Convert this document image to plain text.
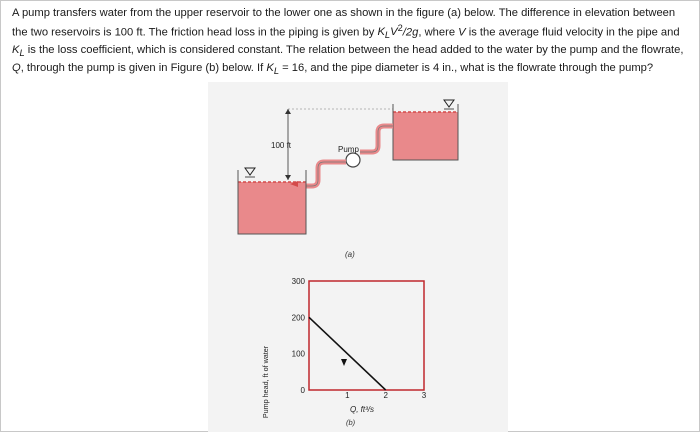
A pump transfers water from the upper reservoir to the lower one as shown in the figure (a) below. The difference in elevation between the two reservoirs is 100 ft. The friction head loss in the piping is given by $K_LV^2/2g$, where V is the average fluid velocity in the pipe and $K_L$ is the loss coefficient, which is considered constant. The relation between the head added to the water by the pump and the flowrate, Q, through the pump is given in Figure (b) below. If $K_L = 16$, and the pipe diameter is 4 in., what is the flowrate through the pump?
Pump
100 ft
(a)
300
200
100
0
1	2	3
Pump head, ft of water	Q, ft³/s
(b)
